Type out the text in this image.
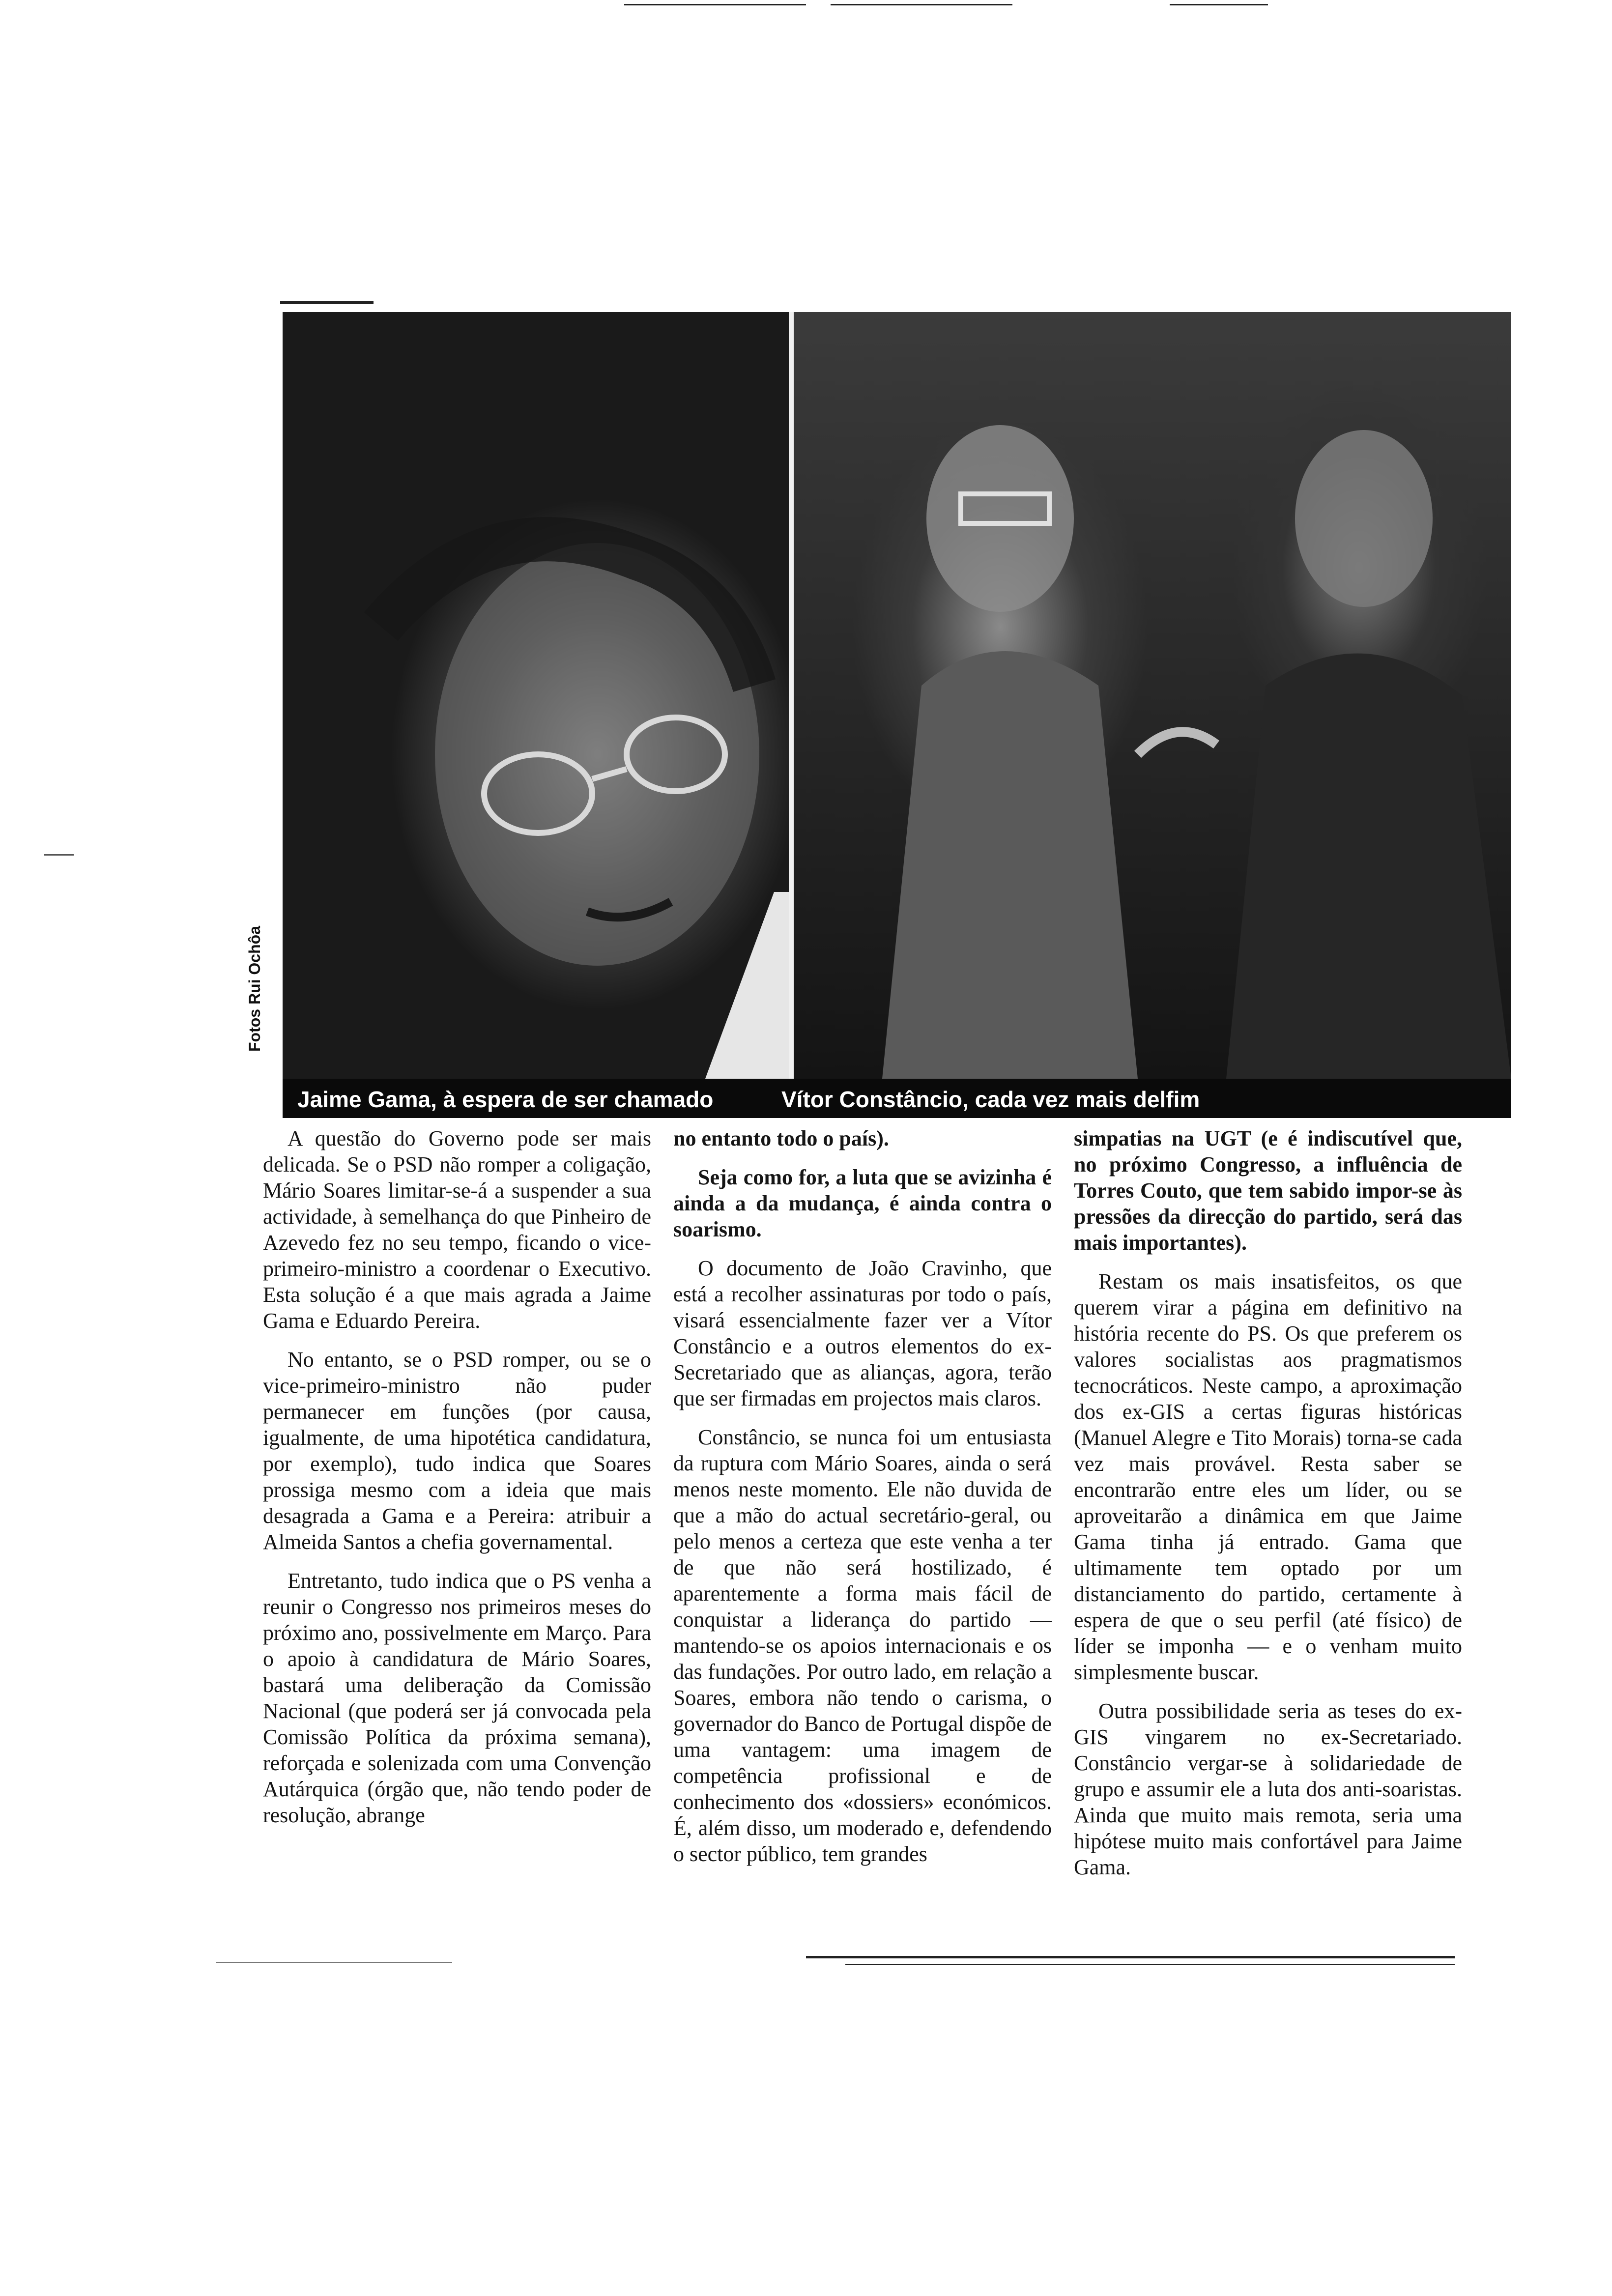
Jaime Gama, à espera de ser chamado	Vítor Constâncio, cada vez mais delfim
Fotos Rui Ochôa

A questão do Governo pode ser mais delicada. Se o PSD não romper a coligação, Mário Soares limitar-se-á a suspender a sua actividade, à semelhança do que Pinheiro de Azevedo fez no seu tempo, ficando o vice-primeiro-ministro a coordenar o Executivo. Esta solução é a que mais agrada a Jaime Gama e Eduardo Pereira.

No entanto, se o PSD romper, ou se o vice-primeiro-ministro não puder permanecer em funções (por causa, igualmente, de uma hipotética candidatura, por exemplo), tudo indica que Soares prossiga mesmo com a ideia que mais desagrada a Gama e a Pereira: atribuir a Almeida Santos a chefia governamental.

Entretanto, tudo indica que o PS venha a reunir o Congresso nos primeiros meses do próximo ano, possivelmente em Março. Para o apoio à candidatura de Mário Soares, bastará uma deliberação da Comissão Nacional (que poderá ser já convocada pela Comissão Política da próxima semana), reforçada e solenizada com uma Convenção Autárquica (órgão que, não tendo poder de resolução, abrange

no entanto todo o país).

Seja como for, a luta que se avizinha é ainda a da mudança, é ainda contra o soarismo.

O documento de João Cravinho, que está a recolher assinaturas por todo o país, visará essencialmente fazer ver a Vítor Constâncio e a outros elementos do ex-Secretariado que as alianças, agora, terão que ser firmadas em projectos mais claros.

Constâncio, se nunca foi um entusiasta da ruptura com Mário Soares, ainda o será menos neste momento. Ele não duvida de que a mão do actual secretário-geral, ou pelo menos a certeza que este venha a ter de que não será hostilizado, é aparentemente a forma mais fácil de conquistar a liderança do partido — mantendo-se os apoios internacionais e os das fundações. Por outro lado, em relação a Soares, embora não tendo o carisma, o governador do Banco de Portugal dispõe de uma vantagem: uma imagem de competência profissional e de conhecimento dos «dossiers» económicos. É, além disso, um moderado e, defendendo o sector público, tem grandes

simpatias na UGT (e é indiscutível que, no próximo Congresso, a influência de Torres Couto, que tem sabido impor-se às pressões da direcção do partido, será das mais importantes).

Restam os mais insatisfeitos, os que querem virar a página em definitivo na história recente do PS. Os que preferem os valores socialistas aos pragmatismos tecnocráticos. Neste campo, a aproximação dos ex-GIS a certas figuras históricas (Manuel Alegre e Tito Morais) torna-se cada vez mais provável. Resta saber se encontrarão entre eles um líder, ou se aproveitarão a dinâmica em que Jaime Gama tinha já entrado. Gama que ultimamente tem optado por um distanciamento do partido, certamente à espera de que o seu perfil (até físico) de líder se imponha — e o venham muito simplesmente buscar.

Outra possibilidade seria as teses do ex-GIS vingarem no ex-Secretariado. Constâncio vergar-se à solidariedade de grupo e assumir ele a luta dos anti-soaristas. Ainda que muito mais remota, seria uma hipótese muito mais confortável para Jaime Gama.
